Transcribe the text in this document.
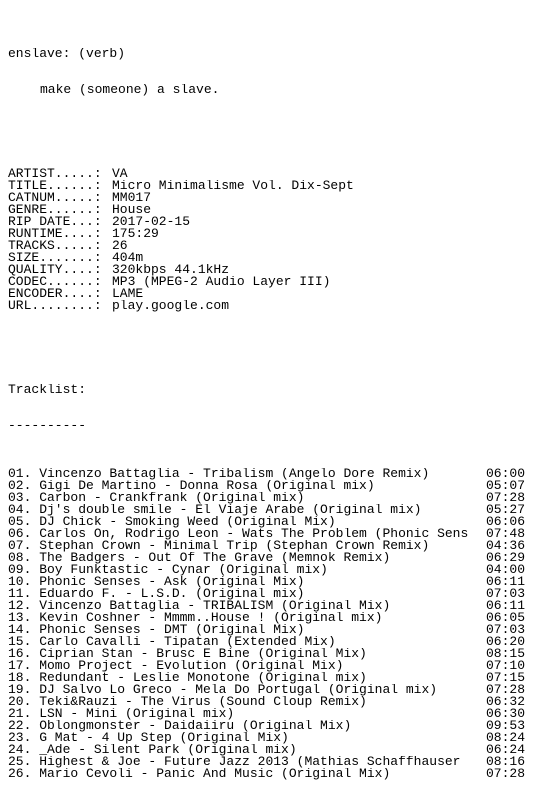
enslave: (verb)

make (someone) a slave.

ARTIST.....: VA
TITLE......: Micro Minimalisme Vol. Dix-Sept
CATNUM.....: MM017
GENRE......: House
RIP DATE...: 2017-02-15
RUNTIME....: 175:29
TRACKS.....: 26
SIZE.......: 404m
QUALITY....: 320kbps 44.1kHz
CODEC......: MP3 (MPEG-2 Audio Layer III)
ENCODER....: LAME
URL........: play.google.com

Tracklist:

----------

01. Vincenzo Battaglia - Tribalism (Angelo Dore Remix)	06:00
02. Gigi De Martino - Donna Rosa (Original mix)	05:07
03. Carbon - Crankfrank (Original mix)	07:28
04. Dj's double smile - El Viaje Arabe (Original mix)	05:27
05. DJ Chick - Smoking Weed (Original Mix)	06:06
06. Carlos On, Rodrigo Leon - Wats The Problem (Phonic Sens	07:48
07. Stephan Crown - Minimal Trip (Stephan Crown Remix)	04:36
08. The Badgers - Out Of The Grave (Memnok Remix)	06:29
09. Boy Funktastic - Cynar (Original mix)	04:00
10. Phonic Senses - Ask (Original Mix)	06:11
11. Eduardo F. - L.S.D. (Original mix)	07:03
12. Vincenzo Battaglia - TRIBALISM (Original Mix)	06:11
13. Kevin Coshner - Mmmm..House ! (Original mix)	06:05
14. Phonic Senses - DMT (Original Mix)	07:03
15. Carlo Cavalli - Tipatan (Extended Mix)	06:20
16. Ciprian Stan - Brusc E Bine (Original Mix)	08:15
17. Momo Project - Evolution (Original Mix)	07:10
18. Redundant - Leslie Monotone (Original mix)	07:15
19. DJ Salvo Lo Greco - Mela Do Portugal (Original mix)	07:28
20. Teki&Rauzi - The Virus (Sound Cloup Remix)	06:32
21. LSN - Mini (Original mix)	06:30
22. Oblongmonster - Daidaiiru (Original Mix)	09:53
23. G Mat - 4 Up Step (Original Mix)	08:24
24. _Ade - Silent Park (Original mix)	06:24
25. Highest & Joe - Future Jazz 2013 (Mathias Schaffhauser	08:16
26. Mario Cevoli - Panic And Music (Original Mix)	07:28
